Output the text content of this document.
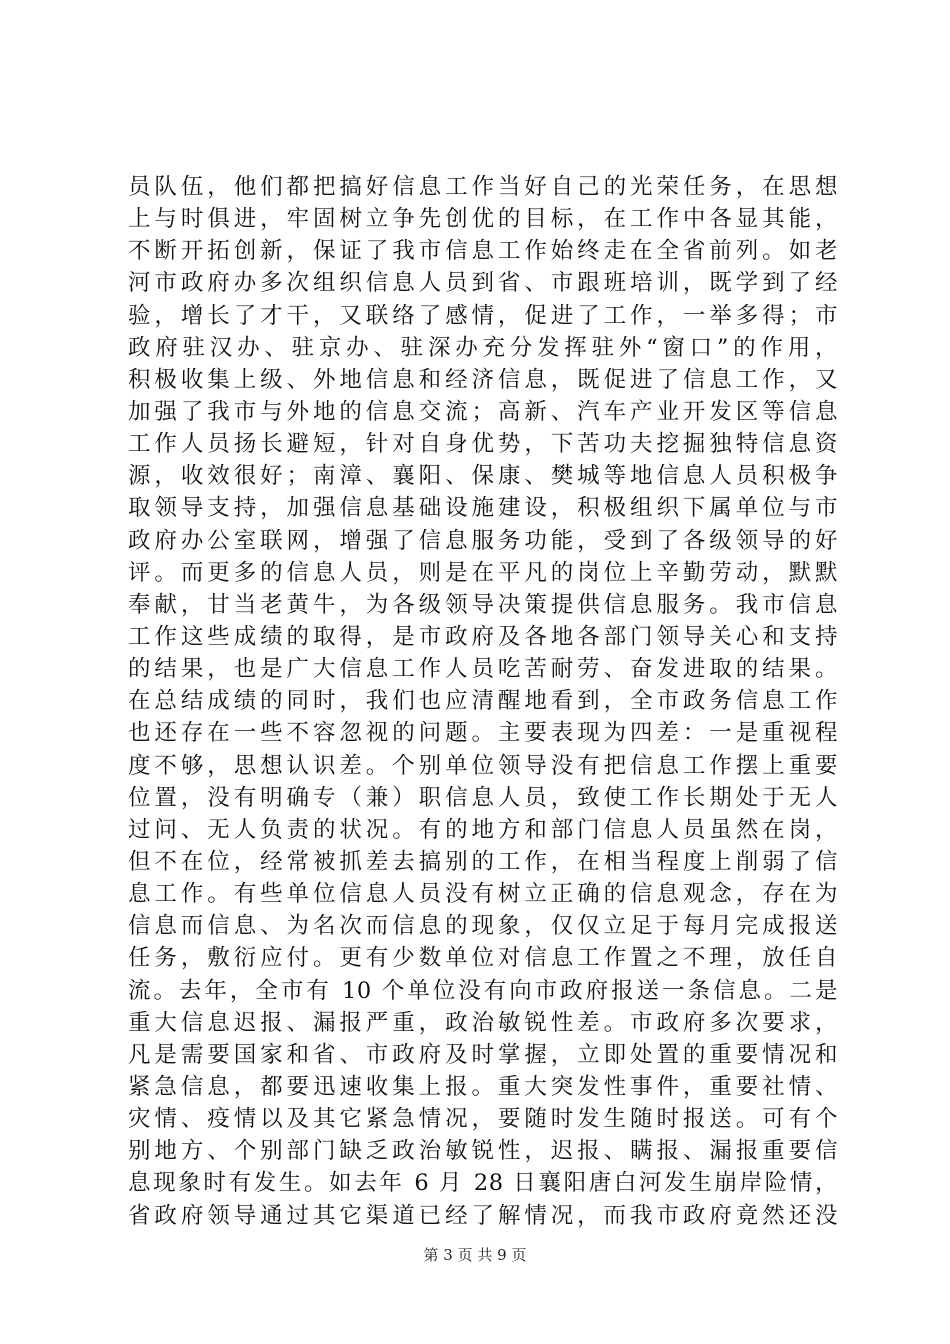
员队伍，他们都把搞好信息工作当好自己的光荣任务，在思想
上与时俱进，牢固树立争先创优的目标，在工作中各显其能，
不断开拓创新，保证了我市信息工作始终走在全省前列。如老
河市政府办多次组织信息人员到省、市跟班培训，既学到了经
验，增长了才干，又联络了感情，促进了工作，一举多得；市
政府驻汉办、驻京办、驻深办充分发挥驻外“窗口”的作用，
积极收集上级、外地信息和经济信息，既促进了信息工作，又
加强了我市与外地的信息交流；高新、汽车产业开发区等信息
工作人员扬长避短，针对自身优势，下苦功夫挖掘独特信息资
源，收效很好；南漳、襄阳、保康、樊城等地信息人员积极争
取领导支持，加强信息基础设施建设，积极组织下属单位与市
政府办公室联网，增强了信息服务功能，受到了各级领导的好
评。而更多的信息人员，则是在平凡的岗位上辛勤劳动，默默
奉献，甘当老黄牛，为各级领导决策提供信息服务。我市信息
工作这些成绩的取得，是市政府及各地各部门领导关心和支持
的结果，也是广大信息工作人员吃苦耐劳、奋发进取的结果。
在总结成绩的同时，我们也应清醒地看到，全市政务信息工作
也还存在一些不容忽视的问题。主要表现为四差：一是重视程
度不够，思想认识差。个别单位领导没有把信息工作摆上重要
位置，没有明确专（兼）职信息人员，致使工作长期处于无人
过问、无人负责的状况。有的地方和部门信息人员虽然在岗，
但不在位，经常被抓差去搞别的工作，在相当程度上削弱了信
息工作。有些单位信息人员没有树立正确的信息观念，存在为
信息而信息、为名次而信息的现象，仅仅立足于每月完成报送
任务，敷衍应付。更有少数单位对信息工作置之不理，放任自
流。去年，全市有 10 个单位没有向市政府报送一条信息。二是
重大信息迟报、漏报严重，政治敏锐性差。市政府多次要求，
凡是需要国家和省、市政府及时掌握，立即处置的重要情况和
紧急信息，都要迅速收集上报。重大突发性事件，重要社情、
灾情、疫情以及其它紧急情况，要随时发生随时报送。可有个
别地方、个别部门缺乏政治敏锐性，迟报、瞒报、漏报重要信
息现象时有发生。如去年 6 月 28 日襄阳唐白河发生崩岸险情，
省政府领导通过其它渠道已经了解情况，而我市政府竟然还没
第 3 页 共 9 页
